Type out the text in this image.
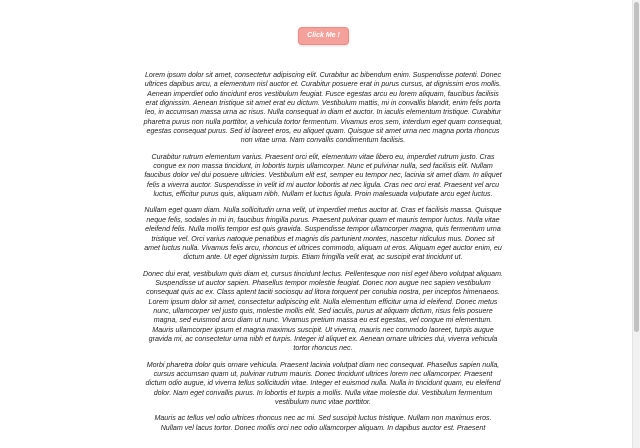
Click Me !

Lorem ipsum dolor sit amet, consectetur adipiscing elit. Curabitur ac bibendum enim. Suspendisse potenti. Donec ultrices dapibus arcu, a elementum nisl auctor et. Curabitur posuere erat in purus cursus, at dignissim eros mollis. Aenean imperdiet odio tincidunt eros vestibulum feugiat. Fusce egestas arcu eu lorem aliquam, faucibus facilisis erat dignissim. Aenean tristique sit amet erat eu dictum. Vestibulum mattis, mi in convallis blandit, enim felis porta leo, in accumsan massa urna ac risus. Nulla consequat in diam et auctor. In iaculis elementum tristique. Curabitur pharetra purus non nulla porttitor, a vehicula tortor fermentum. Vivamus eros sem, interdum eget quam consequat, egestas consequat purus. Sed id laoreet eros, eu aliquet quam. Quisque sit amet urna nec magna porta rhoncus non vitae urna. Nam convallis condimentum facilisis.

Curabitur rutrum elementum varius. Praesent orci elit, elementum vitae libero eu, imperdiet rutrum justo. Cras congue ex non massa tincidunt, in lobortis turpis ullamcorper. Nunc et pulvinar nulla, sed facilisis elit. Nullam faucibus dolor vel dui posuere ultricies. Vestibulum elit est, semper eu tempor nec, lacinia sit amet diam. In aliquet felis a viverra auctor. Suspendisse in velit id mi auctor lobortis at nec ligula. Cras nec orci erat. Praesent vel arcu luctus, efficitur purus quis, aliquam nibh. Nullam et luctus ligula. Proin malesuada vulputate arcu eget luctus.

Nullam eget quam diam. Nulla sollicitudin urna velit, ut imperdiet metus auctor at. Cras et facilisis massa. Quisque neque felis, sodales in mi in, faucibus fringilla purus. Praesent pulvinar quam et mauris tempor luctus. Nulla vitae eleifend felis. Nulla mollis tempor est quis gravida. Suspendisse tempor ullamcorper magna, quis fermentum urna tristique vel. Orci varius natoque penatibus et magnis dis parturient montes, nascetur ridiculus mus. Donec sit amet luctus nulla. Vivamus felis arcu, rhoncus et ultrices commodo, aliquam ut eros. Aliquam eget auctor enim, eu dictum ante. Ut eget dignissim turpis. Etiam fringilla velit erat, ac suscipit erat tincidunt ut.

Donec dui erat, vestibulum quis diam et, cursus tincidunt lectus. Pellentesque non nisl eget libero volutpat aliquam. Suspendisse ut auctor sapien. Phasellus tempor molestie feugiat. Donec non augue nec sapien vestibulum consequat quis ac ex. Class aptent taciti sociosqu ad litora torquent per conubia nostra, per inceptos himenaeos. Lorem ipsum dolor sit amet, consectetur adipiscing elit. Nulla elementum efficitur urna id eleifend. Donec metus nunc, ullamcorper vel justo quis, molestie mollis elit. Sed iaculis, purus at aliquam dictum, risus felis posuere magna, sed euismod arcu diam ut nunc. Vivamus pretium massa eu est egestas, vel congue mi elementum. Mauris ullamcorper ipsum et magna maximus suscipit. Ut viverra, mauris nec commodo laoreet, turpis augue gravida mi, ac consectetur urna nibh et turpis. Integer id aliquet ex. Aenean ornare ultricies dui, viverra vehicula tortor rhoncus nec.

Morbi pharetra dolor quis ornare vehicula. Praesent lacinia volutpat diam nec consequat. Phasellus sapien nulla, cursus accumsan quam ut, pulvinar rutrum mauris. Donec tincidunt ultrices lorem nec ullamcorper. Praesent dictum odio augue, id viverra tellus sollicitudin vitae. Integer et euismod nulla. Nulla in tincidunt quam, eu eleifend dolor. Nam eget convallis purus. In lobortis et turpis a mollis. Nulla vitae molestie dui. Vestibulum fermentum vestibulum nunc vitae porttitor.

Mauris ac tellus vel odio ultrices rhoncus nec ac mi. Sed suscipit luctus tristique. Nullam non maximus eros. Nullam vel lacus tortor. Donec mollis orci nec odio ullamcorper aliquam. In dapibus auctor est. Praesent
